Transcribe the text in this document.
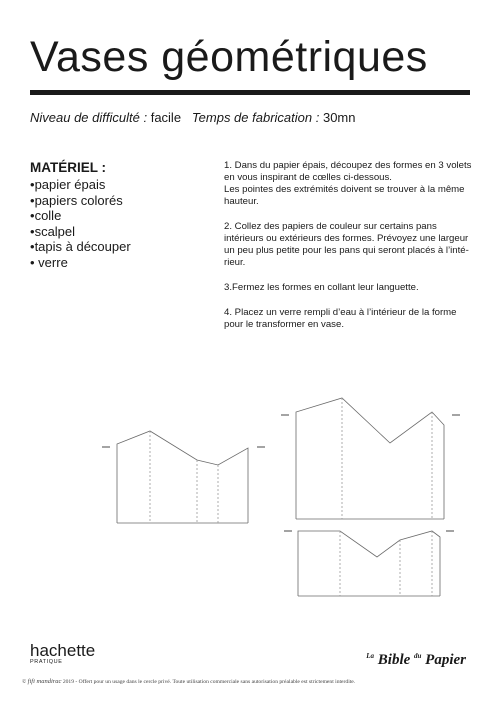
Vases géométriques
Niveau de difficulté : facile Temps de fabrication : 30mn
MATÉRIEL :
• papier épais
• papiers colorés
• colle
• scalpel
• tapis à découper
• verre

1. Dans du papier épais, découpez des formes en 3 volets en vous inspirant de cœlles ci-dessous.
Les pointes des extrémités doivent se trouver à la même hauteur.

2. Collez des papiers de couleur sur certains pans intérieurs ou extérieurs des formes. Prévoyez une largeur un peu plus petite pour les pans qui seront placés à l’inté- rieur.

3.Fermez les formes en collant leur languette.

4. Placez un verre rempli d’eau à l’intérieur de la forme pour le transformer en vase.

hachette
PRATIQUE
$^{La}$ Bible $^{du}$ Papier
© fifi mandirac 2019 - Offert pour un usage dans le cercle privé. Toute utilisation commerciale sans autorisation préalable est strictement interdite.
